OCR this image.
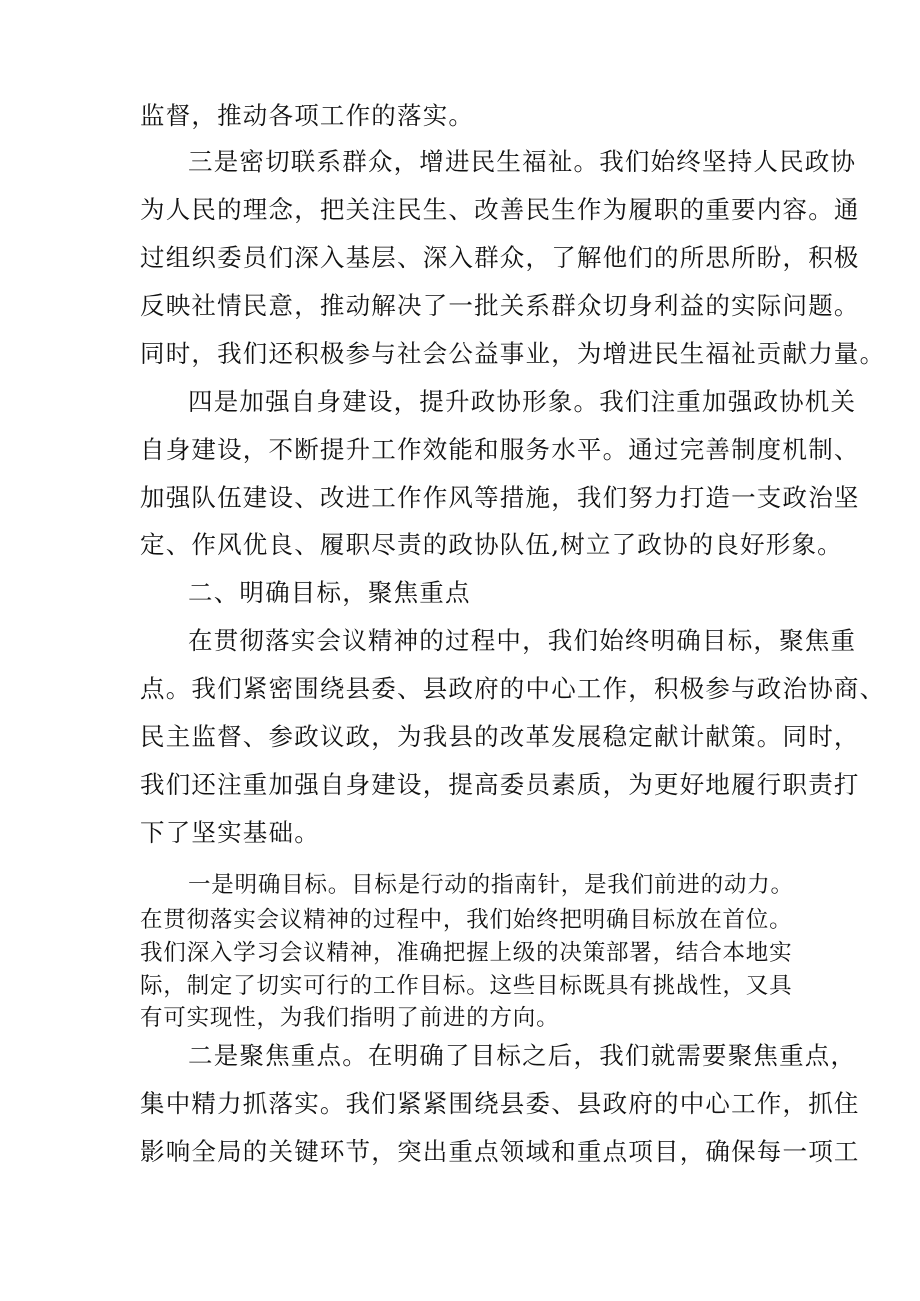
监督，推动各项工作的落实。
三是密切联系群众，增进民生福祉。我们始终坚持人民政协
为人民的理念，把关注民生、改善民生作为履职的重要内容。通
过组织委员们深入基层、深入群众，了解他们的所思所盼，积极
反映社情民意，推动解决了一批关系群众切身利益的实际问题。
同时，我们还积极参与社会公益事业，为增进民生福祉贡献力量。
四是加强自身建设，提升政协形象。我们注重加强政协机关
自身建设，不断提升工作效能和服务水平。通过完善制度机制、
加强队伍建设、改进工作作风等措施，我们努力打造一支政治坚
定、作风优良、履职尽责的政协队伍,树立了政协的良好形象。
二、明确目标，聚焦重点
在贯彻落实会议精神的过程中，我们始终明确目标，聚焦重
点。我们紧密围绕县委、县政府的中心工作，积极参与政治协商、
民主监督、参政议政，为我县的改革发展稳定献计献策。同时，
我们还注重加强自身建设，提高委员素质，为更好地履行职责打
下了坚实基础。
一是明确目标。目标是行动的指南针，是我们前进的动力。
在贯彻落实会议精神的过程中，我们始终把明确目标放在首位。
我们深入学习会议精神，准确把握上级的决策部署，结合本地实
际，制定了切实可行的工作目标。这些目标既具有挑战性，又具
有可实现性，为我们指明了前进的方向。
二是聚焦重点。在明确了目标之后，我们就需要聚焦重点，
集中精力抓落实。我们紧紧围绕县委、县政府的中心工作，抓住
影响全局的关键环节，突出重点领域和重点项目，确保每一项工
